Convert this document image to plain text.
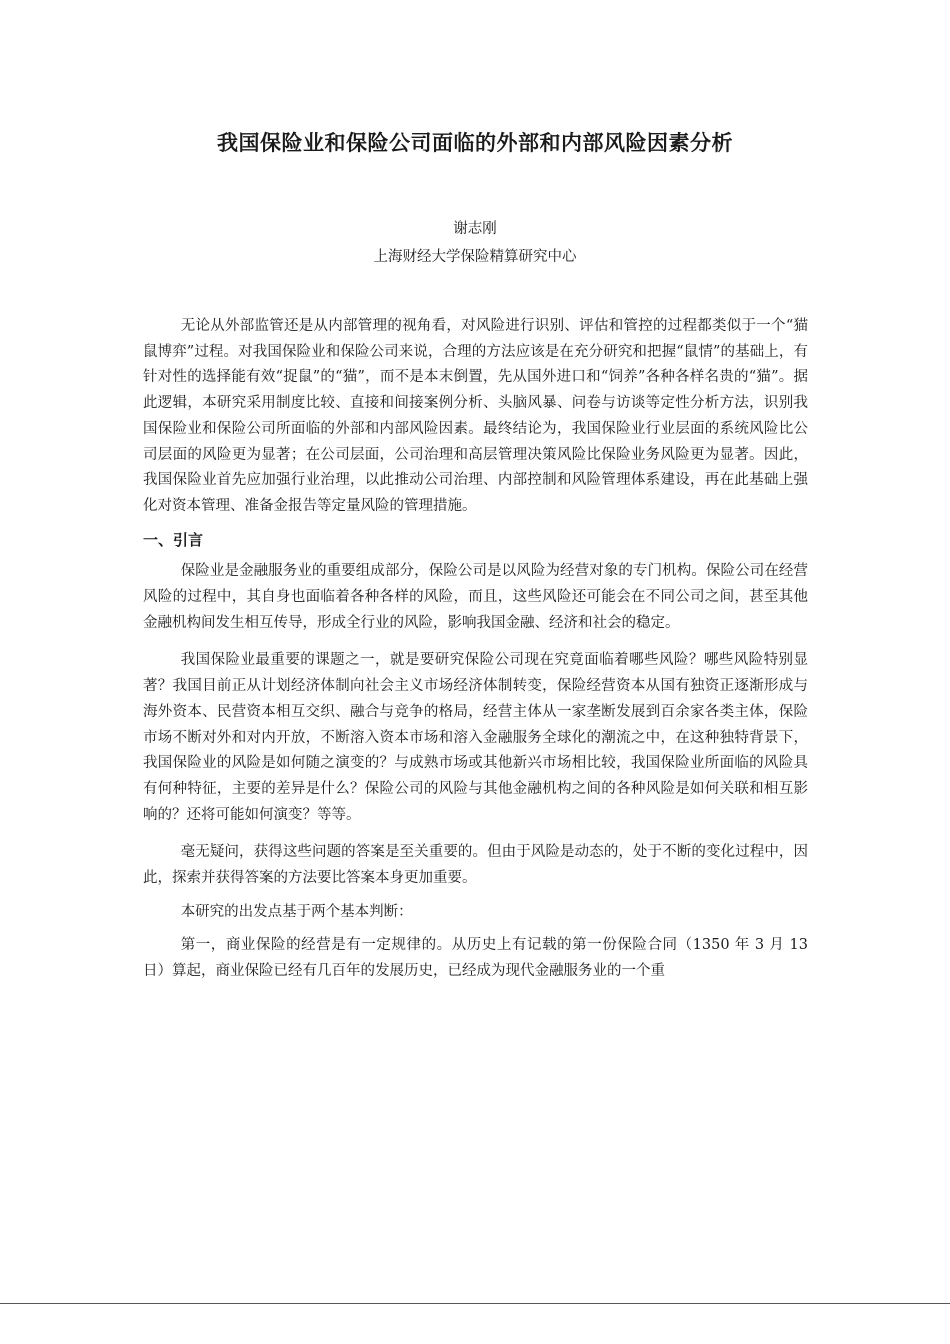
我国保险业和保险公司面临的外部和内部风险因素分析

谢志刚

上海财经大学保险精算研究中心

无论从外部监管还是从内部管理的视角看，对风险进行识别、评估和管控的过程都类似于一个“猫鼠博弈”过程。对我国保险业和保险公司来说，合理的方法应该是在充分研究和把握“鼠情”的基础上，有针对性的选择能有效“捉鼠”的“猫”，而不是本末倒置，先从国外进口和“饲养”各种各样名贵的“猫”。据此逻辑，本研究采用制度比较、直接和间接案例分析、头脑风暴、问卷与访谈等定性分析方法，识别我国保险业和保险公司所面临的外部和内部风险因素。最终结论为，我国保险业行业层面的系统风险比公司层面的风险更为显著；在公司层面，公司治理和高层管理决策风险比保险业务风险更为显著。因此，我国保险业首先应加强行业治理，以此推动公司治理、内部控制和风险管理体系建设，再在此基础上强化对资本管理、准备金报告等定量风险的管理措施。

一、引言

保险业是金融服务业的重要组成部分，保险公司是以风险为经营对象的专门机构。保险公司在经营风险的过程中，其自身也面临着各种各样的风险，而且，这些风险还可能会在不同公司之间，甚至其他金融机构间发生相互传导，形成全行业的风险，影响我国金融、经济和社会的稳定。

我国保险业最重要的课题之一，就是要研究保险公司现在究竟面临着哪些风险？哪些风险特别显著？我国目前正从计划经济体制向社会主义市场经济体制转变，保险经营资本从国有独资正逐渐形成与海外资本、民营资本相互交织、融合与竞争的格局，经营主体从一家垄断发展到百余家各类主体，保险市场不断对外和对内开放，不断溶入资本市场和溶入金融服务全球化的潮流之中，在这种独特背景下，我国保险业的风险是如何随之演变的？与成熟市场或其他新兴市场相比较，我国保险业所面临的风险具有何种特征，主要的差异是什么？保险公司的风险与其他金融机构之间的各种风险是如何关联和相互影响的？还将可能如何演变？等等。

毫无疑问，获得这些问题的答案是至关重要的。但由于风险是动态的，处于不断的变化过程中，因此，探索并获得答案的方法要比答案本身更加重要。

本研究的出发点基于两个基本判断：

第一，商业保险的经营是有一定规律的。从历史上有记载的第一份保险合同（1350 年 3 月 13 日）算起，商业保险已经有几百年的发展历史，已经成为现代金融服务业的一个重
